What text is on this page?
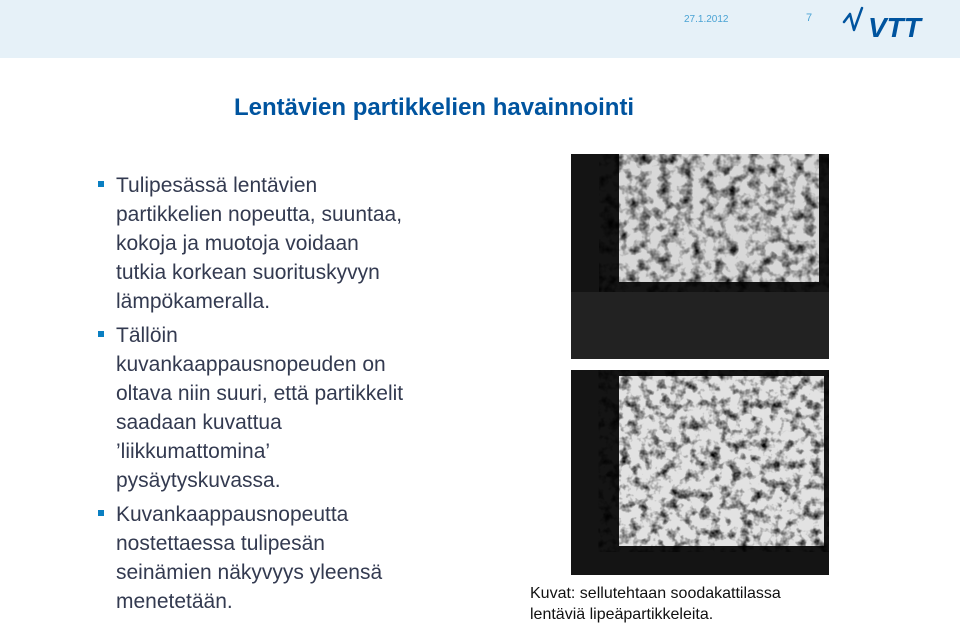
27.1.2012	7 VTT
Lentävien partikkelien havainnointi
Tulipesässä lentävien
partikkelien nopeutta, suuntaa,
kokoja ja muotoja voidaan
tutkia korkean suorituskyvyn
lämpökameralla.
Tällöin
kuvankaappausnopeuden on
oltava niin suuri, että partikkelit
saadaan kuvattua
’liikkumattomina’
pysäytyskuvassa.
Kuvankaappausnopeutta
nostettaessa tulipesän
seinämien näkyvyys yleensä
menetetään.	Kuvat: sellutehtaan soodakattilassa
lentäviä lipeäpartikkeleita.
